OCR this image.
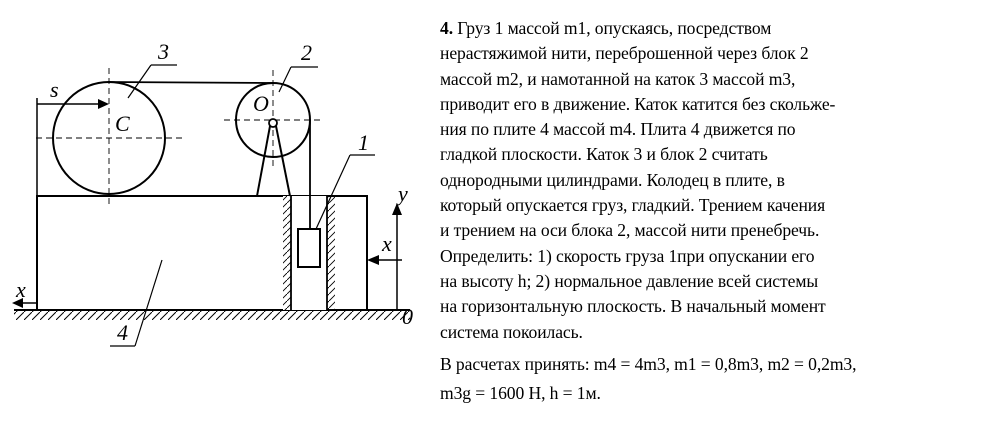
3	2
1
4
s
C
O
y
x
x
0
4. Груз 1 массой m1, опускаясь, посредством
нерастяжимой нити, переброшенной через блок 2
массой m2, и намотанной на каток 3 массой m3,
приводит его в движение. Каток катится без скольже-
ния по плите 4 массой m4. Плита 4 движется по
гладкой плоскости. Каток 3 и блок 2 считать
однородными цилиндрами. Колодец в плите, в
который опускается груз, гладкий. Трением качения
и трением на оси блока 2, массой нити пренебречь.
Определить: 1) скорость груза 1при опускании его
на высоту h; 2) нормальное давление всей системы
на горизонтальную плоскость. В начальный момент
система покоилась.
В расчетах принять: m4 = 4m3, m1 = 0,8m3, m2 = 0,2m3,
m3g = 1600 Н, h = 1м.
